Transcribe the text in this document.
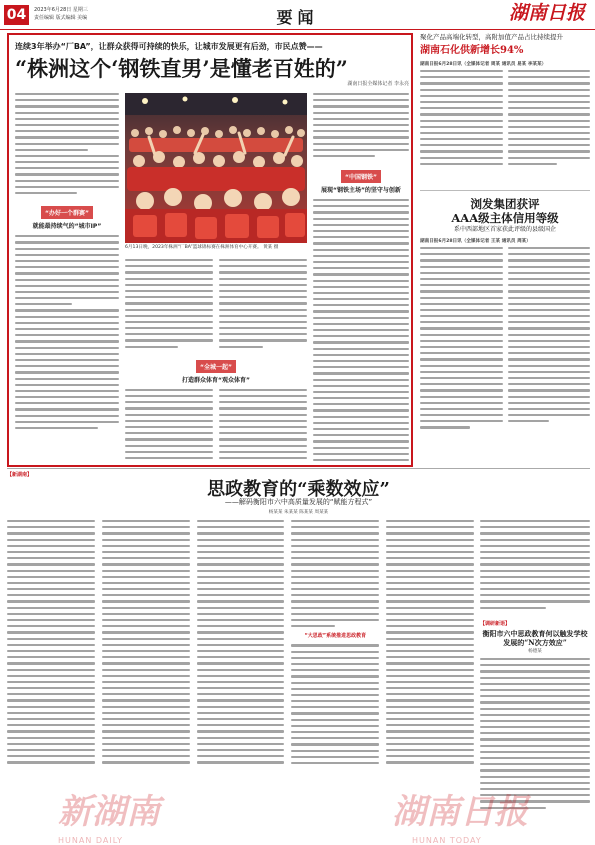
04	2023年6月28日 星期三
责任编辑 版式编辑 美编	要闻	湖南日报
连续3年举办“厂BA”，让群众获得可持续的快乐，让城市发展更有后劲，市民点赞——
“株洲这个‘钢铁直男’是懂老百姓的”
湖南日报全媒体记者 李永亮
“办好一个群赛”
就能最持续气的“城市IP”
6月13日晚，2023年株洲“厂BA”篮球锦标赛在株洲体育中心开赛。 黄某 摄
“全城一起”
打造群众体育“观众体育”
“中国钢铁”
展现“钢铁主场”的坚守与创新
聚化产品高端化转型，高附加值产品占比持续提升
湖南石化供新增长94%
湖南日报6月28日讯（全媒体记者 周某 通讯员 易某 李某某）
浏发集团获评
AAA级主体信用等级
系中西部地区首家获此评级的县级国企
湖南日报6月28日讯（全媒体记者 王某 通讯员 周某）
【新湖南】
思政教育的“乘数效应”
——解码衡阳市六中高质量发展的“赋能方程式”
杨某某 朱某某 陈某某 周某某
“大思政”系统推进思政教育
【调研新语】
衡阳市六中思政教育何以触发学校发展的“N次方效应”
杨德某
新湖南
HUNAN DAILY
湖南日报
HUNAN TODAY
